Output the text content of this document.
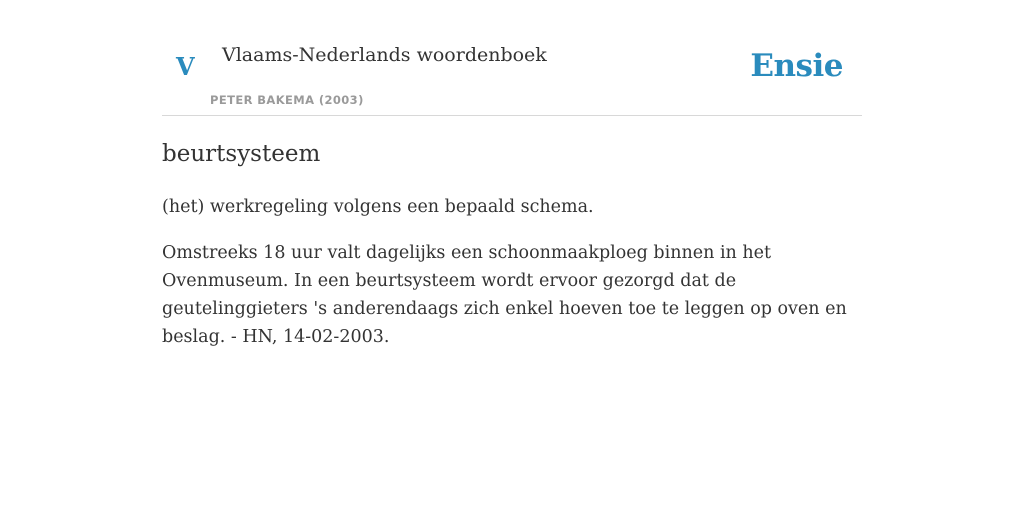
V Vlaams-Nederlands woordenboek
PETER BAKEMA (2003)
Ensie
beurtsysteem

(het) werkregeling volgens een bepaald schema.

Omstreeks 18 uur valt dagelijks een schoonmaakploeg binnen in het Ovenmuseum. In een beurtsysteem wordt ervoor gezorgd dat de geutelinggieters 's anderendaags zich enkel hoeven toe te leggen op oven en beslag. - HN, 14-02-2003.
